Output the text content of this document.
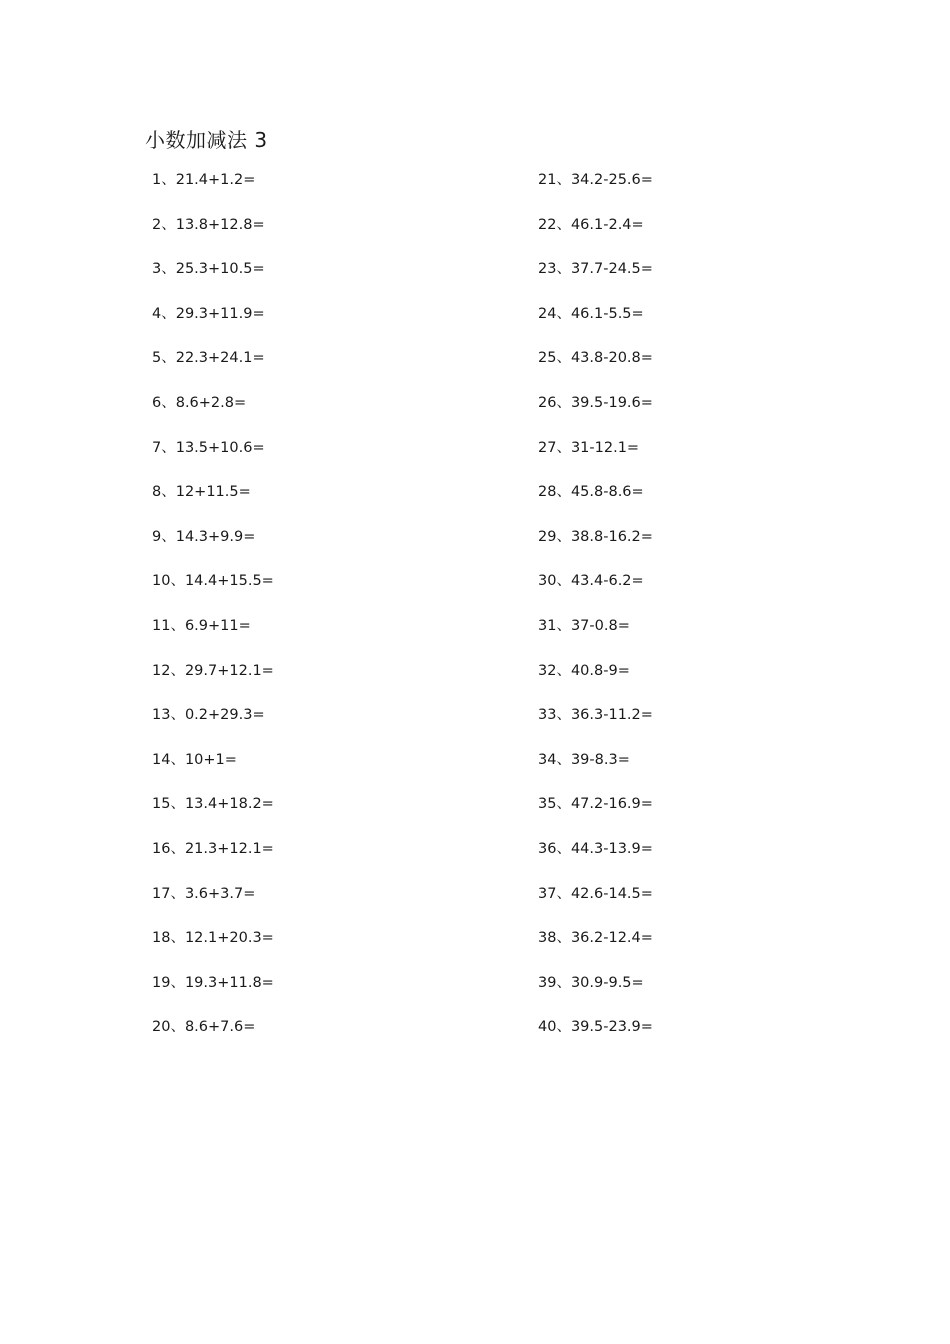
小数加减法 3
1、21.4+1.2=
2、13.8+12.8=
3、25.3+10.5=
4、29.3+11.9=
5、22.3+24.1=
6、8.6+2.8=
7、13.5+10.6=
8、12+11.5=
9、14.3+9.9=
10、14.4+15.5=
11、6.9+11=
12、29.7+12.1=
13、0.2+29.3=
14、10+1=
15、13.4+18.2=
16、21.3+12.1=
17、3.6+3.7=
18、12.1+20.3=
19、19.3+11.8=
20、8.6+7.6=
21、34.2-25.6=
22、46.1-2.4=
23、37.7-24.5=
24、46.1-5.5=
25、43.8-20.8=
26、39.5-19.6=
27、31-12.1=
28、45.8-8.6=
29、38.8-16.2=
30、43.4-6.2=
31、37-0.8=
32、40.8-9=
33、36.3-11.2=
34、39-8.3=
35、47.2-16.9=
36、44.3-13.9=
37、42.6-14.5=
38、36.2-12.4=
39、30.9-9.5=
40、39.5-23.9=
